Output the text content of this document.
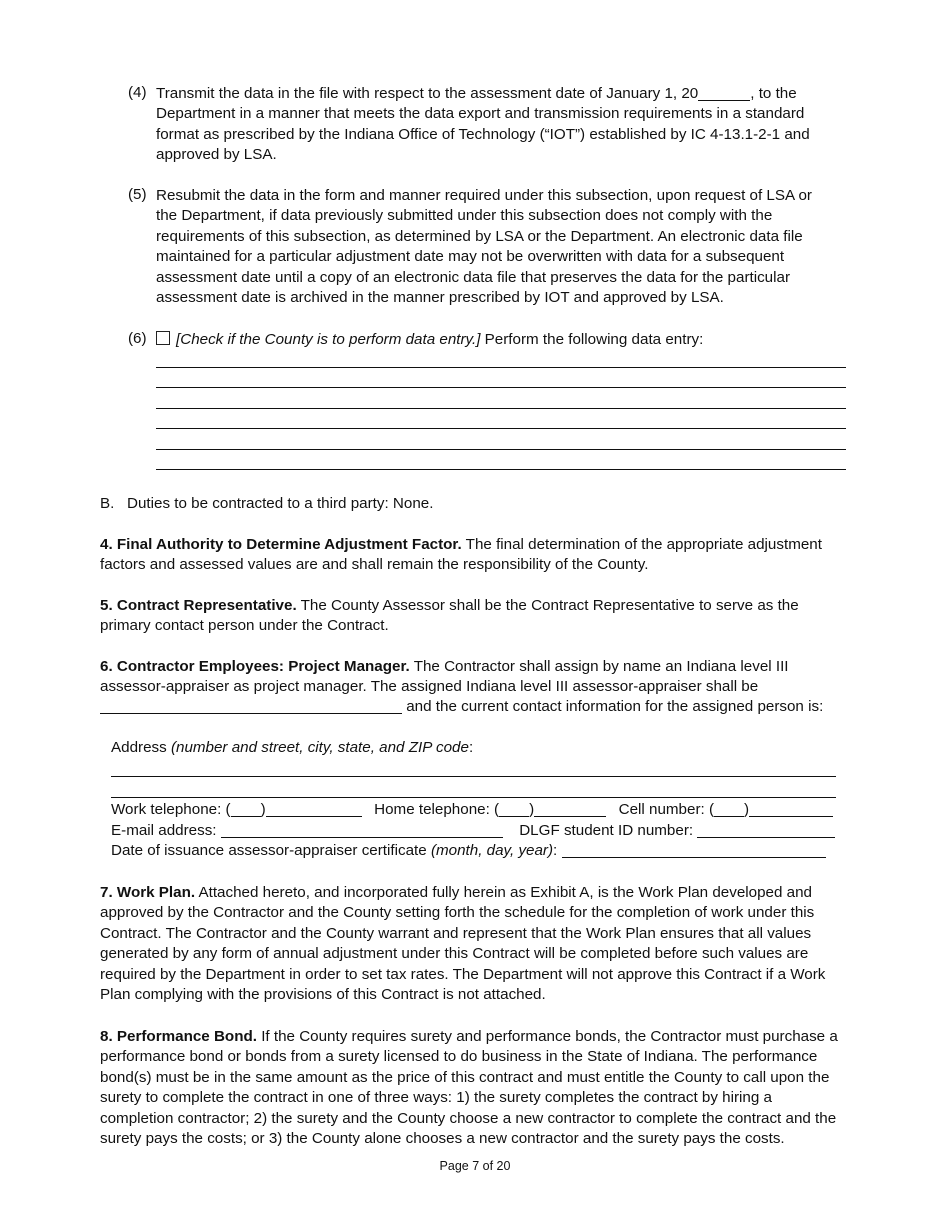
(4) Transmit the data in the file with respect to the assessment date of January 1, 20	, to the Department in a manner that meets the data export and transmission requirements in a standard format as prescribed by the Indiana Office of Technology (“IOT”) established by IC 4-13.1-2-1 and approved by LSA.

(5) Resubmit the data in the form and manner required under this subsection, upon request of LSA or the Department, if data previously submitted under this subsection does not comply with the requirements of this subsection, as determined by LSA or the Department. An electronic data file maintained for a particular adjustment date may not be overwritten with data for a subsequent assessment date until a copy of an electronic data file that preserves the data for the particular assessment date is archived in the manner prescribed by IOT and approved by LSA.

(6)	[Check if the County is to perform data entry.] Perform the following data entry:

B.   Duties to be contracted to a third party: None.

4. Final Authority to Determine Adjustment Factor. The final determination of the appropriate adjustment factors and assessed values are and shall remain the responsibility of the County.

5. Contract Representative. The County Assessor shall be the Contract Representative to serve as the primary contact person under the Contract.

6. Contractor Employees: Project Manager. The Contractor shall assign by name an Indiana level III assessor-appraiser as project manager. The assigned Indiana level III assessor-appraiser shall be

and the current contact information for the assigned person is:
Address (number and street, city, state, and ZIP code:
Work telephone: ( )	Home telephone: ( )	Cell number: ( )
E-mail address:	DLGF student ID number:
Date of issuance assessor-appraiser certificate (month, day, year):

7. Work Plan. Attached hereto, and incorporated fully herein as Exhibit A, is the Work Plan developed and approved by the Contractor and the County setting forth the schedule for the completion of work under this Contract. The Contractor and the County warrant and represent that the Work Plan ensures that all values generated by any form of annual adjustment under this Contract will be completed before such values are required by the Department in order to set tax rates. The Department will not approve this Contract if a Work Plan complying with the provisions of this Contract is not attached.

8. Performance Bond. If the County requires surety and performance bonds, the Contractor must purchase a performance bond or bonds from a surety licensed to do business in the State of Indiana. The performance bond(s) must be in the same amount as the price of this contract and must entitle the County to call upon the surety to complete the contract in one of three ways: 1) the surety completes the contract by hiring a completion contractor; 2) the surety and the County choose a new contractor to complete the contract and the surety pays the costs; or 3) the County alone chooses a new contractor and the surety pays the costs.

Page 7 of 20
